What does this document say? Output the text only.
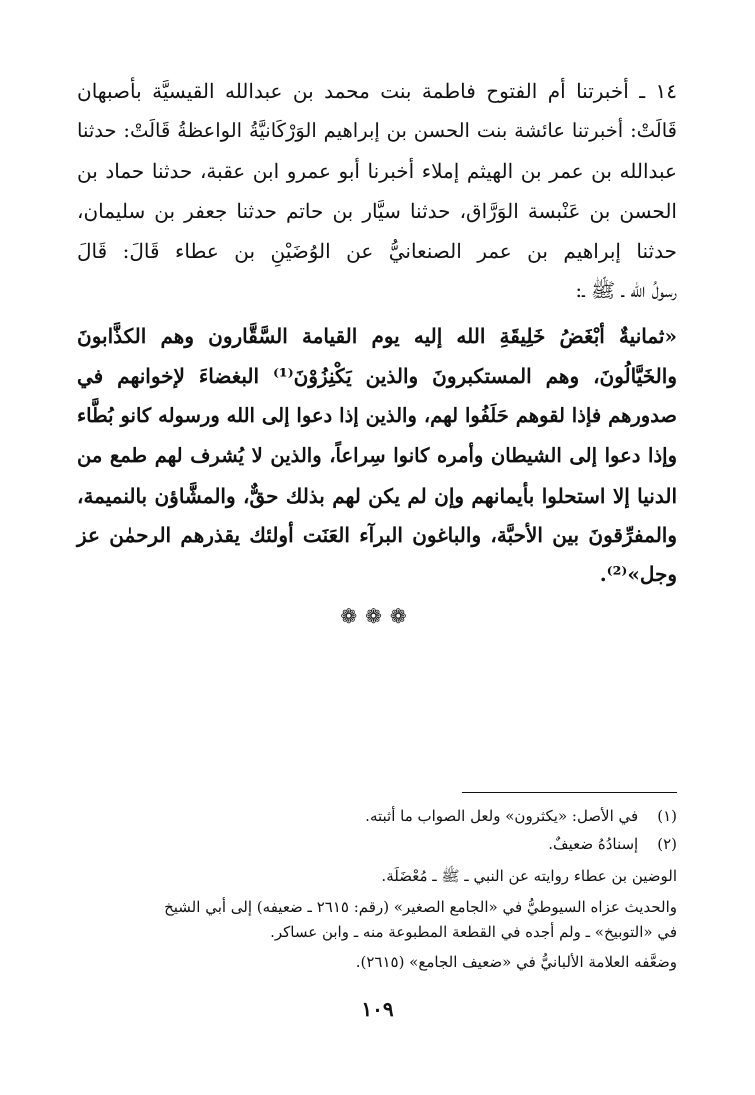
١٤ ـ أخبرتنا أم الفتوح فاطمة بنت محمد بن عبدالله القيسيَّة بأصبهان
قَالَتْ: أخبرتنا عائشة بنت الحسن بن إبراهيم الوَرْكَانيَّةُ الواعظةُ قَالَتْ: حدثنا
عبدالله بن عمر بن الهيثم إملاء أخبرنا أبو عمرو ابن عقبة، حدثنا حماد بن
الحسن بن عَنْبسة الوَرَّاق، حدثنا سيَّار بن حاتم حدثنا جعفر بن سليمان،
حدثنا إبراهيم بن عمر الصنعانيُّ عن الوُضَيْنِ بن عطاء قَالَ: قَالَ
رسولُ الله ـ ﷺ ـ:
«ثمانيةٌ أبْغَضُ خَلِيقَةِ الله إليه يوم القيامة السَّقَّارون وهم الكذَّابونَ
والخَيَّالُونَ، وهم المستكبرونَ والذين يَكْنِزُوْنَ⁽¹⁾ البغضاءَ لإخوانهم في
صدورهم فإذا لقوهم حَلَفُوا لهم، والذين إذا دعوا إلى الله ورسوله كانو بُطَّاء
وإذا دعوا إلى الشيطان وأمره كانوا سِراعاً، والذين لا يُشرف لهم طمع من
الدنيا إلا استحلوا بأيمانهم وإن لم يكن لهم بذلك حقٌّ، والمشَّاؤن بالنميمة،
والمفرِّقونَ بين الأحبَّة، والباغون البرآء العَنَت أولئك يقذرهم الرحمٰن عز
وجل»⁽²⁾.
❁❁❁
(١) في الأصل: «يكثرون» ولعل الصواب ما أثبته.
(٢) إسنادُهُ ضعيفٌ.
الوضين بن عطاء روايته عن النبي ـ ﷺ ـ مُعْضَلَة.
والحديث عزاه السيوطيُّ في «الجامع الصغير» (رقم: ٢٦١٥ ـ ضعيفه) إلى أبي الشيخ
في «التوبيخ» ـ ولم أجده في القطعة المطبوعة منه ـ وابن عساكر.
وضعَّفه العلامة الألبانيُّ في «ضعيف الجامع» (٢٦١٥).
١٠٩
